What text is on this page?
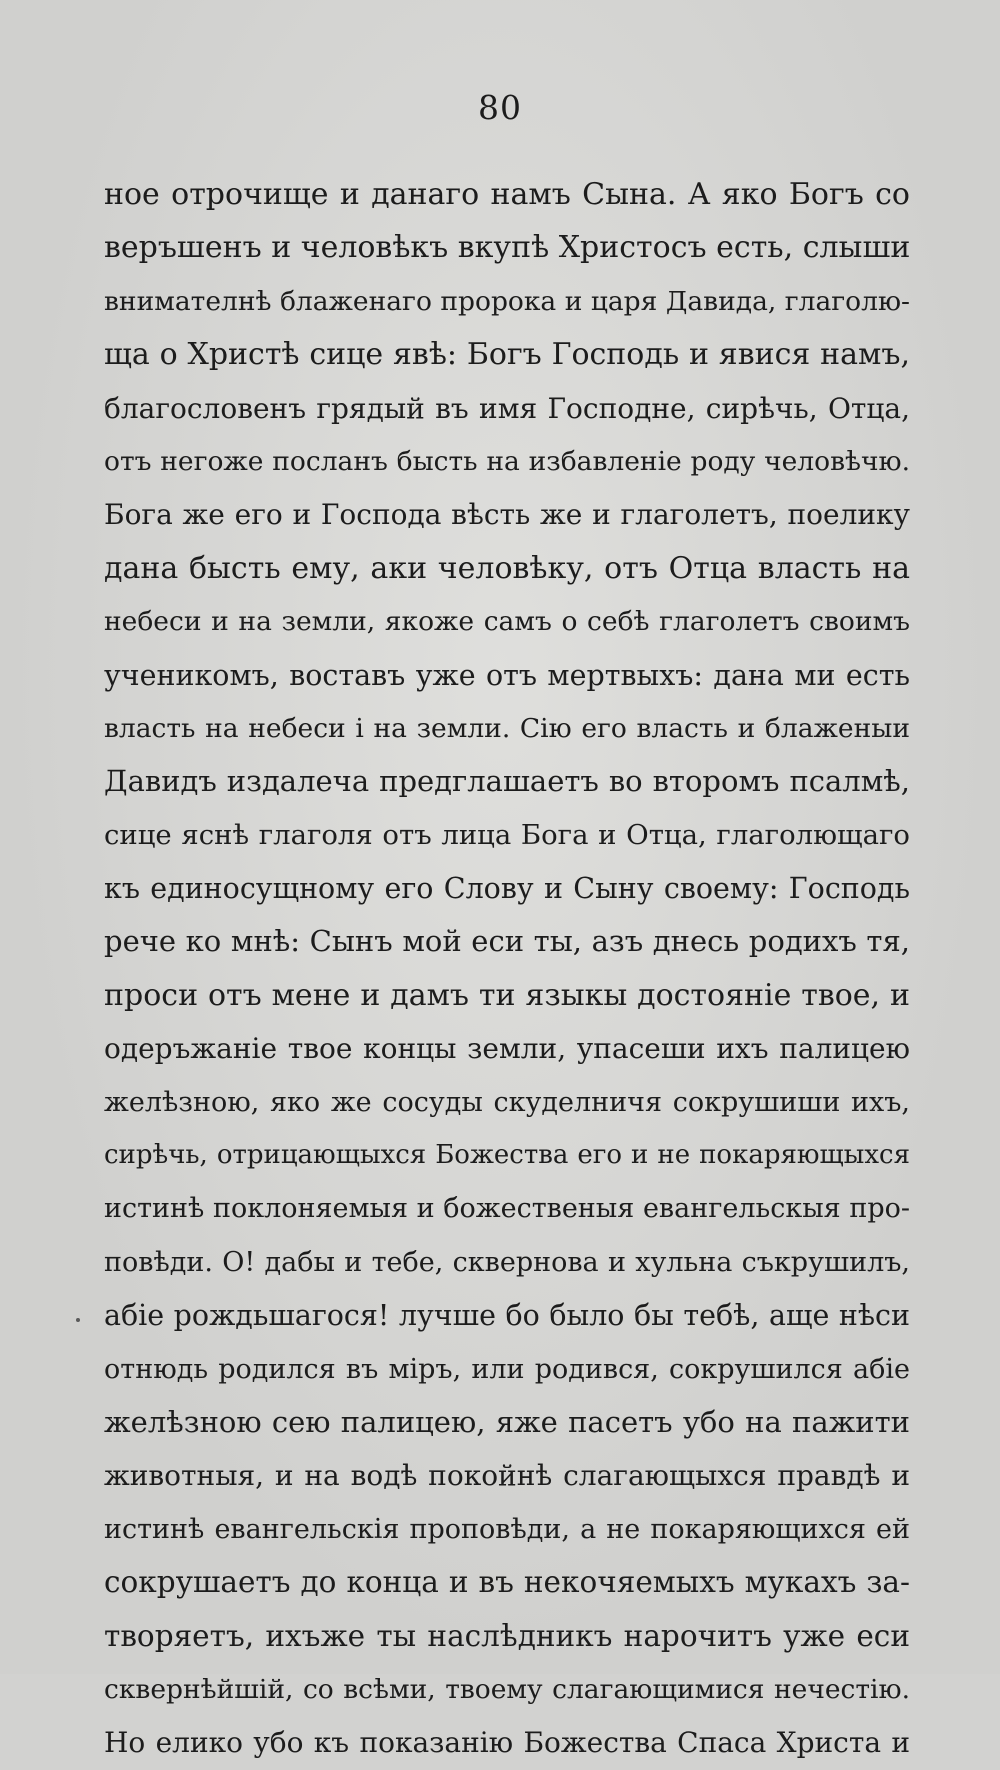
80
ное отрочище и данаго намъ Сына. А яко Богъ со
веръшенъ и человѣкъ вкупѣ Христосъ есть, слыши
внимателнѣ блаженаго пророка и царя Давида, глаголю-
ща о Христѣ сице явѣ: Богъ Господь и явися намъ,
благословенъ грядый въ имя Господне, сирѣчь, Отца,
отъ негоже посланъ бысть на избавленіе роду человѣчю.
Бога же его и Господа вѣсть же и глаголетъ, поелику
дана бысть ему, аки человѣку, отъ Отца власть на
небеси и на земли, якоже самъ о себѣ глаголетъ своимъ
ученикомъ, воставъ уже отъ мертвыхъ: дана ми есть
власть на небеси і на земли. Сію его власть и блаженыи
Давидъ издалеча предглашаетъ во второмъ псалмѣ,
сице яснѣ глаголя отъ лица Бога и Отца, глаголющаго
къ единосущному его Слову и Сыну своему: Господь
рече ко мнѣ: Сынъ мой еси ты, азъ днесь родихъ тя,
проси отъ мене и дамъ ти языкы достояніе твое, и
одеръжаніе твое концы земли, упасеши ихъ палицею
желѣзною, яко же сосуды скуделничя сокрушиши ихъ,
сирѣчь, отрицающыхся Божества его и не покаряющыхся
истинѣ поклоняемыя и божественыя евангельскыя про-
повѣди. О! дабы и тебе, сквернова и хульна съкрушилъ,
абіе рождьшагося! лучше бо было бы тебѣ, аще нѣси
отнюдь родился въ міръ, или родився, сокрушился абіе
желѣзною сею палицею, яже пасетъ убо на пажити
животныя, и на водѣ покойнѣ слагающыхся правдѣ и
истинѣ евангельскія проповѣди, а не покаряющихся ей
сокрушаетъ до конца и въ некочяемыхъ мукахъ за-
творяетъ, ихъже ты наслѣдникъ нарочитъ уже еси
сквернѣйшій, со всѣми, твоему слагающимися нечестію.
Но елико убо къ показанію Божества Спаса Христа и
